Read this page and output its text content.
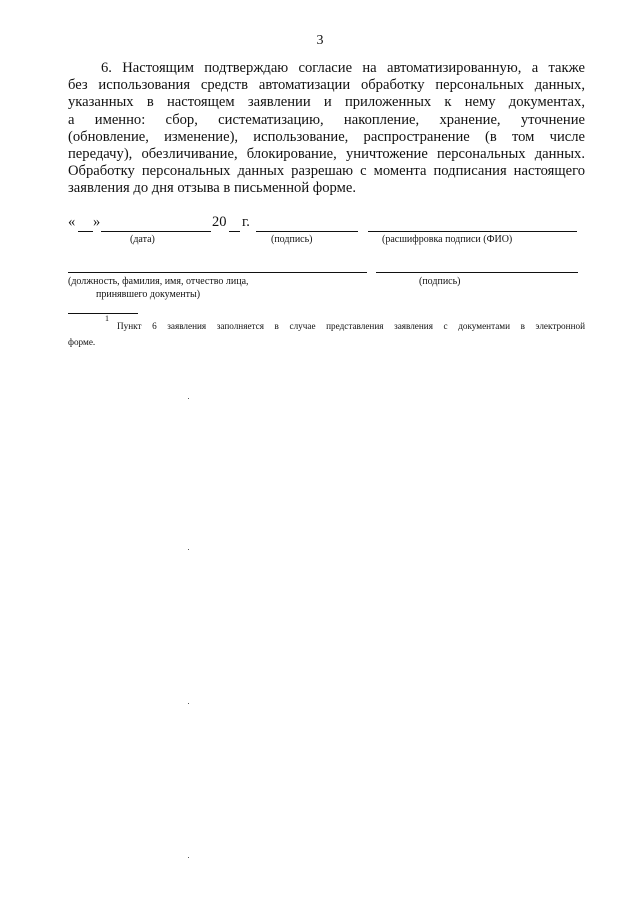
3
6. Настоящим подтверждаю согласие на автоматизированную, а также
без использования средств автоматизации обработку персональных данных,
указанных в настоящем заявлении и приложенных к нему документах,
а именно: сбор, систематизацию, накопление, хранение, уточнение
(обновление, изменение), использование, распространение (в том числе
передачу), обезличивание, блокирование, уничтожение персональных данных.
Обработку персональных данных разрешаю с момента подписания настоящего
заявления до дня отзыва в письменной форме.
« »	20 г.
(дата)	(подпись)	(расшифровка подписи (ФИО)
(должность, фамилия, имя, отчество лица,
принявшего документы)
(подпись)
1
Пункт 6 заявления заполняется в случае представления заявления с документами в электронной
форме.
